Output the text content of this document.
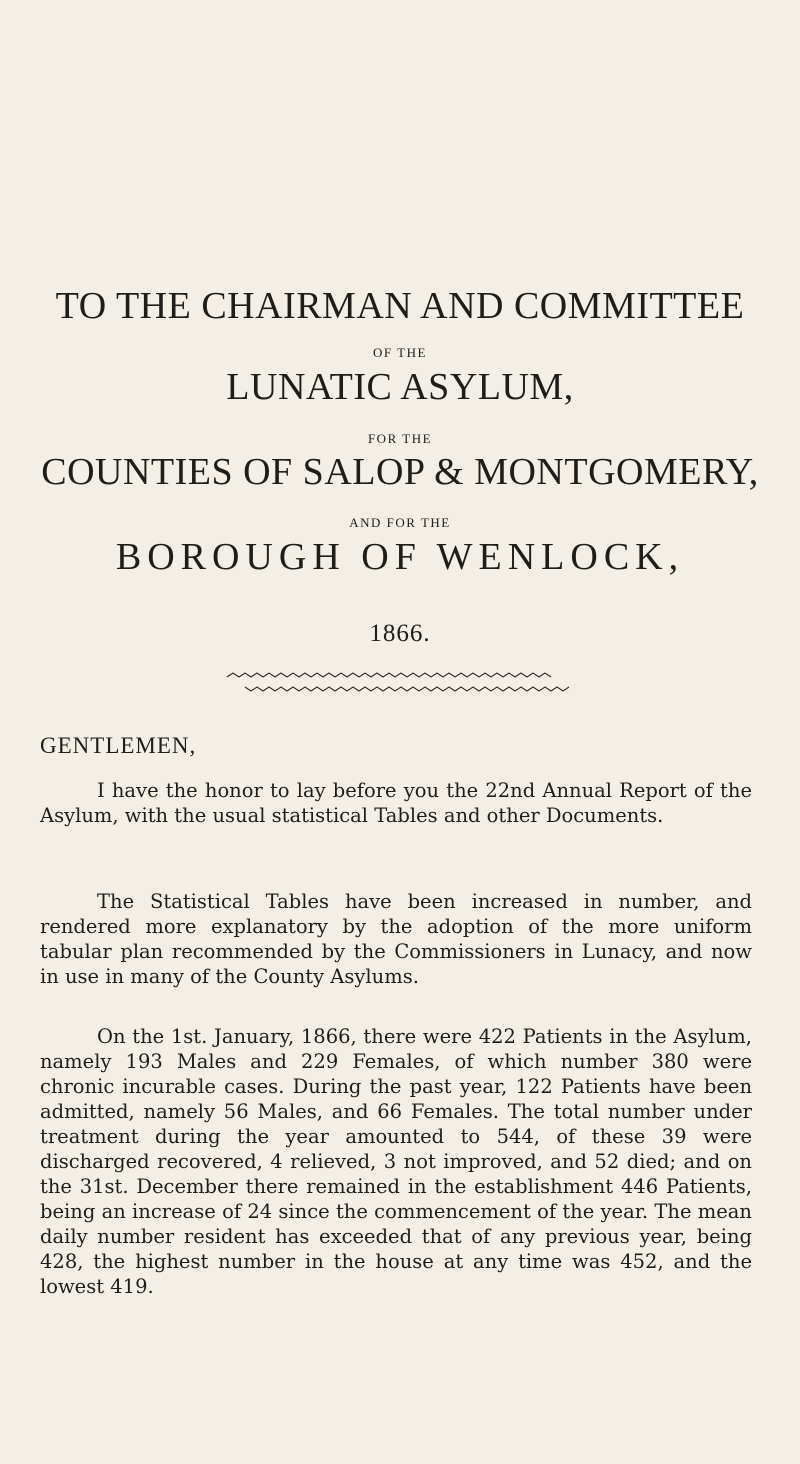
TO THE CHAIRMAN AND COMMITTEE
OF THE
LUNATIC ASYLUM,
FOR THE
COUNTIES OF SALOP & MONTGOMERY,
AND FOR THE
BOROUGH OF WENLOCK,
1866.
GENTLEMEN,

I have the honor to lay before you the 22nd Annual Report of the Asylum, with the usual statistical Tables and other Documents.

The Statistical Tables have been increased in number, and rendered more explanatory by the adoption of the more uniform tabular plan recommended by the Commissioners in Lunacy, and now in use in many of the County Asylums.

On the 1st. January, 1866, there were 422 Patients in the Asylum, namely 193 Males and 229 Females, of which number 380 were chronic incurable cases. During the past year, 122 Patients have been admitted, namely 56 Males, and 66 Females. The total number under treatment during the year amounted to 544, of these 39 were discharged recovered, 4 relieved, 3 not improved, and 52 died; and on the 31st. December there remained in the establishment 446 Patients, being an increase of 24 since the commencement of the year. The mean daily number resident has exceeded that of any previous year, being 428, the highest number in the house at any time was 452, and the lowest 419.
